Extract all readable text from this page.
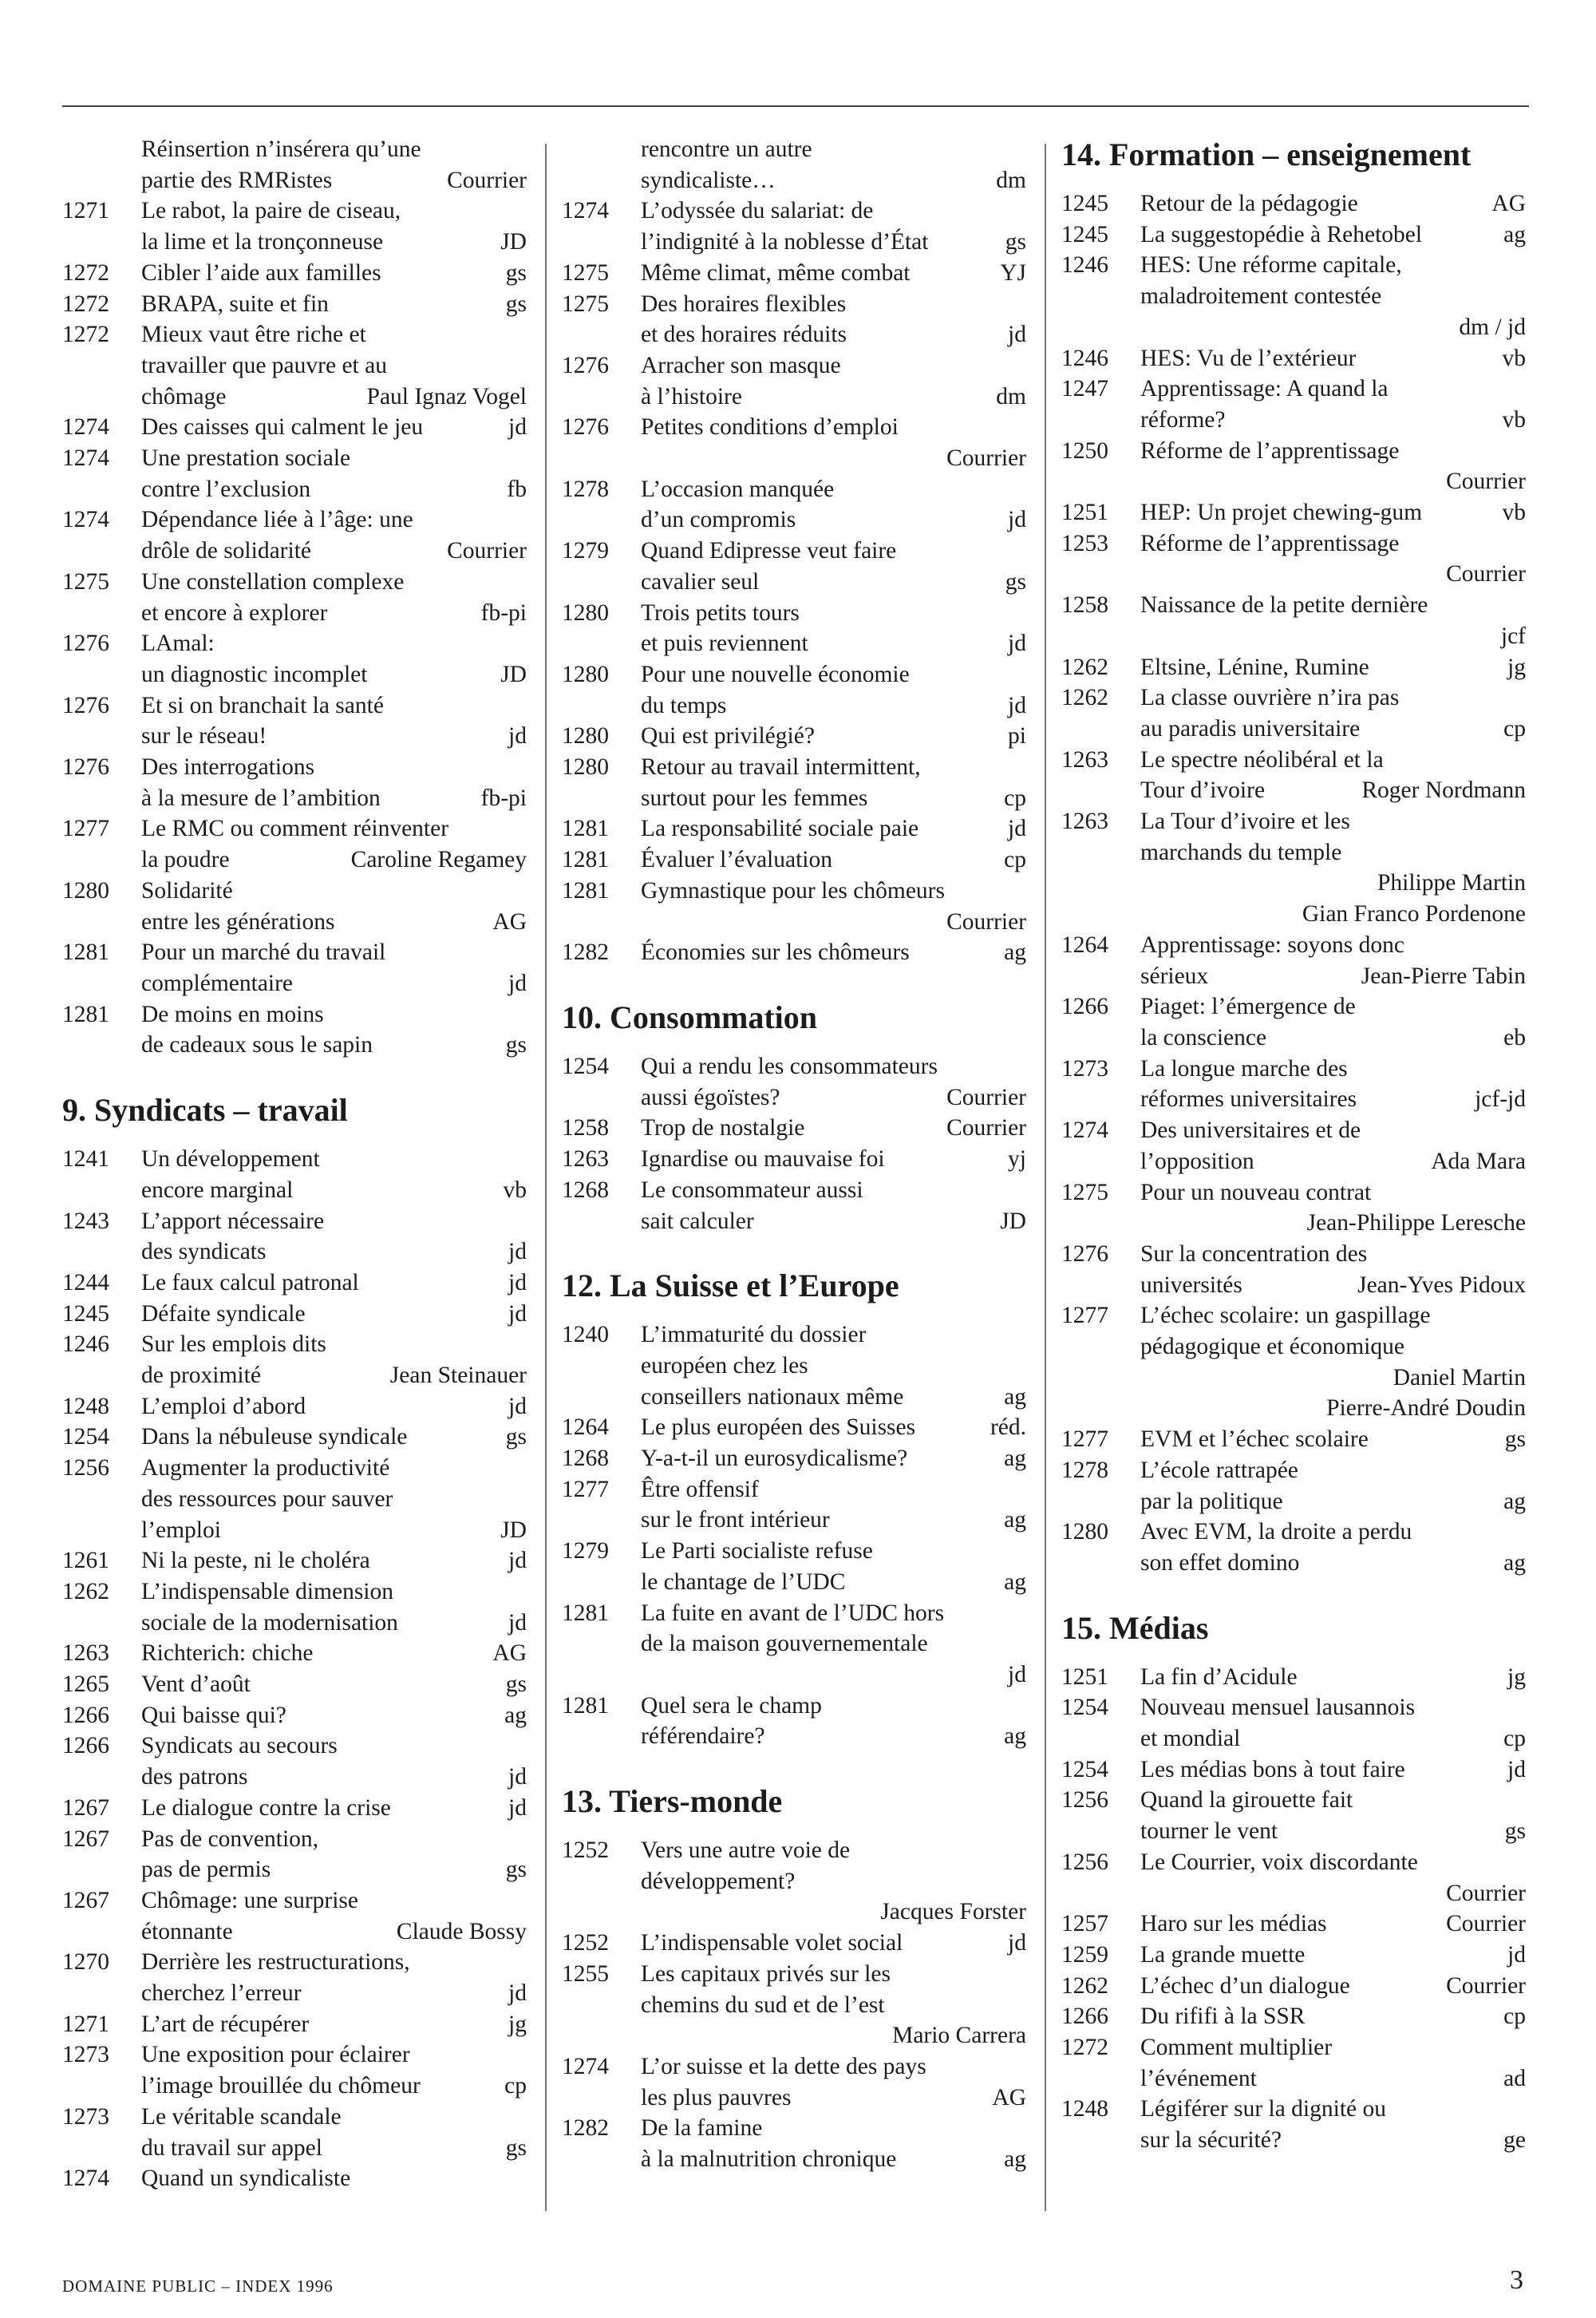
Réinsertion n’insérera qu’une
partie des RMRistes	Courrier
1271	Le rabot, la paire de ciseau,
la lime et la tronçonneuse	JD
1272	Cibler l’aide aux familles	gs
1272	BRAPA, suite et fin	gs
1272	Mieux vaut être riche et
travailler que pauvre et au
chômage	Paul Ignaz Vogel
1274	Des caisses qui calment le jeu	jd
1274	Une prestation sociale
contre l’exclusion	fb
1274	Dépendance liée à l’âge: une
drôle de solidarité	Courrier
1275	Une constellation complexe
et encore à explorer	fb-pi
1276	LAmal:
un diagnostic incomplet	JD
1276	Et si on branchait la santé
sur le réseau!	jd
1276	Des interrogations
à la mesure de l’ambition	fb-pi
1277	Le RMC ou comment réinventer
la poudre	Caroline Regamey
1280	Solidarité
entre les générations	AG
1281	Pour un marché du travail
complémentaire	jd
1281	De moins en moins
de cadeaux sous le sapin	gs
9. Syndicats – travail
1241	Un développement
encore marginal	vb
1243	L’apport nécessaire
des syndicats	jd
1244	Le faux calcul patronal	jd
1245	Défaite syndicale	jd
1246	Sur les emplois dits
de proximité	Jean Steinauer
1248	L’emploi d’abord	jd
1254	Dans la nébuleuse syndicale	gs
1256	Augmenter la productivité
des ressources pour sauver
l’emploi	JD
1261	Ni la peste, ni le choléra	jd
1262	L’indispensable dimension
sociale de la modernisation	jd
1263	Richterich: chiche	AG
1265	Vent d’août	gs
1266	Qui baisse qui?	ag
1266	Syndicats au secours
des patrons	jd
1267	Le dialogue contre la crise	jd
1267	Pas de convention,
pas de permis	gs
1267	Chômage: une surprise
étonnante	Claude Bossy
1270	Derrière les restructurations,
cherchez l’erreur	jd
1271	L’art de récupérer	jg
1273	Une exposition pour éclairer
l’image brouillée du chômeur	cp
1273	Le véritable scandale
du travail sur appel	gs
1274	Quand un syndicaliste
rencontre un autre
syndicaliste…	dm
1274	L’odyssée du salariat: de
l’indignité à la noblesse d’État	gs
1275	Même climat, même combat	YJ
1275	Des horaires flexibles
et des horaires réduits	jd
1276	Arracher son masque
à l’histoire	dm
1276	Petites conditions d’emploi
Courrier
1278	L’occasion manquée
d’un compromis	jd
1279	Quand Edipresse veut faire
cavalier seul	gs
1280	Trois petits tours
et puis reviennent	jd
1280	Pour une nouvelle économie
du temps	jd
1280	Qui est privilégié?	pi
1280	Retour au travail intermittent,
surtout pour les femmes	cp
1281	La responsabilité sociale paie	jd
1281	Évaluer l’évaluation	cp
1281	Gymnastique pour les chômeurs
Courrier
1282	Économies sur les chômeurs	ag
10. Consommation
1254	Qui a rendu les consommateurs
aussi égoïstes?	Courrier
1258	Trop de nostalgie	Courrier
1263	Ignardise ou mauvaise foi	yj
1268	Le consommateur aussi
sait calculer	JD
12. La Suisse et l’Europe
1240	L’immaturité du dossier
européen chez les
conseillers nationaux même	ag
1264	Le plus européen des Suisses	réd.
1268	Y-a-t-il un eurosydicalisme?	ag
1277	Être offensif
sur le front intérieur	ag
1279	Le Parti socialiste refuse
le chantage de l’UDC	ag
1281	La fuite en avant de l’UDC hors
de la maison gouvernementale
jd
1281	Quel sera le champ
référendaire?	ag
13. Tiers-monde
1252	Vers une autre voie de
développement?
Jacques Forster
1252	L’indispensable volet social	jd
1255	Les capitaux privés sur les
chemins du sud et de l’est
Mario Carrera
1274	L’or suisse et la dette des pays
les plus pauvres	AG
1282	De la famine
à la malnutrition chronique	ag
14. Formation – enseignement
1245	Retour de la pédagogie	AG
1245	La suggestopédie à Rehetobel	ag
1246	HES: Une réforme capitale,
maladroitement contestée
dm / jd
1246	HES: Vu de l’extérieur	vb
1247	Apprentissage: A quand la
réforme?	vb
1250	Réforme de l’apprentissage
Courrier
1251	HEP: Un projet chewing-gum	vb
1253	Réforme de l’apprentissage
Courrier
1258	Naissance de la petite dernière
jcf
1262	Eltsine, Lénine, Rumine	jg
1262	La classe ouvrière n’ira pas
au paradis universitaire	cp
1263	Le spectre néolibéral et la
Tour d’ivoire	Roger Nordmann
1263	La Tour d’ivoire et les
marchands du temple
Philippe Martin
Gian Franco Pordenone
1264	Apprentissage: soyons donc
sérieux	Jean-Pierre Tabin
1266	Piaget: l’émergence de
la conscience	eb
1273	La longue marche des
réformes universitaires	jcf-jd
1274	Des universitaires et de
l’opposition	Ada Mara
1275	Pour un nouveau contrat
Jean-Philippe Leresche
1276	Sur la concentration des
universités	Jean-Yves Pidoux
1277	L’échec scolaire: un gaspillage
pédagogique et économique
Daniel Martin
Pierre-André Doudin
1277	EVM et l’échec scolaire	gs
1278	L’école rattrapée
par la politique	ag
1280	Avec EVM, la droite a perdu
son effet domino	ag
15. Médias
1251	La fin d’Acidule	jg
1254	Nouveau mensuel lausannois
et mondial	cp
1254	Les médias bons à tout faire	jd
1256	Quand la girouette fait
tourner le vent	gs
1256	Le Courrier, voix discordante
Courrier
1257	Haro sur les médias	Courrier
1259	La grande muette	jd
1262	L’échec d’un dialogue	Courrier
1266	Du rififi à la SSR	cp
1272	Comment multiplier
l’événement	ad
1248	Légiférer sur la dignité ou
sur la sécurité?	ge
DOMAINE PUBLIC – INDEX 1996	3
